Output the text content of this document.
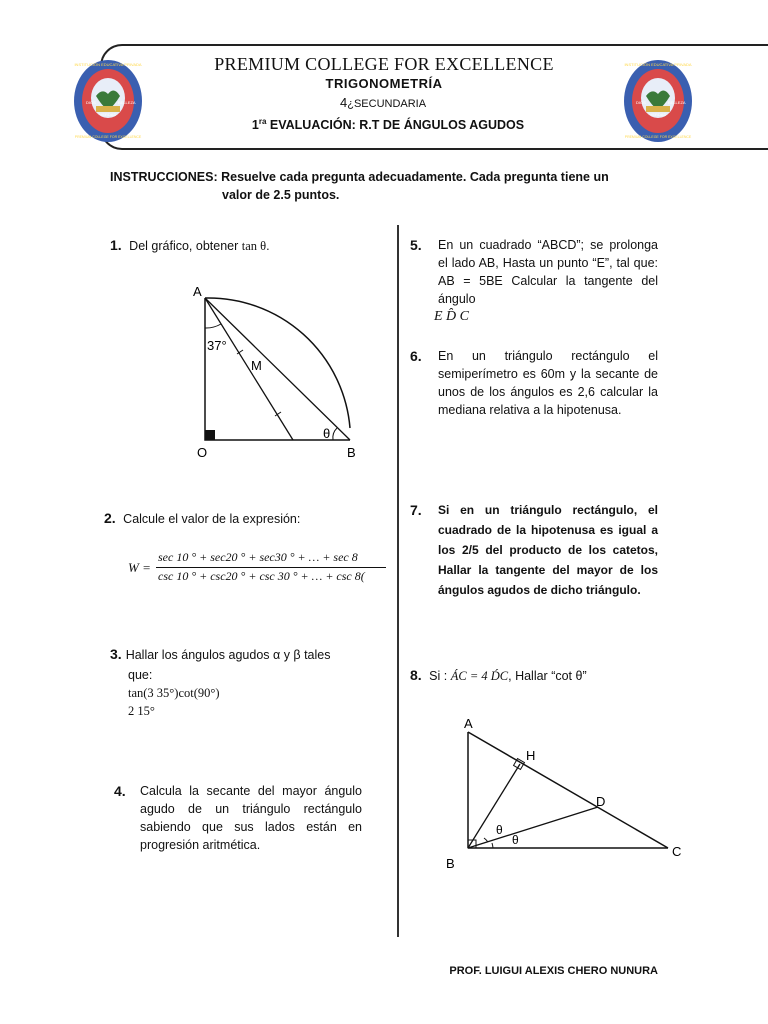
INSTITUCIÓN EDUCATIVA PRIVADA
DIOS	BELLEZA
VERDAD
PREMIUM COLLEGE FOR EXCELLENCE
INSTITUCIÓN EDUCATIVA PRIVADA
DIOS	BELLEZA
VERDAD
PREMIUM COLLEGE FOR EXCELLENCE
PREMIUM COLLEGE FOR EXCELLENCE
TRIGONOMETRÍA
4¿SECUNDARIA
$1^{ra}$ EVALUACIÓN: R.T DE ÁNGULOS AGUDOS
INSTRUCCIONES: Resuelve cada pregunta adecuadamente. Cada pregunta tiene un
valor de 2.5 puntos.
1. Del gráfico, obtener tan θ.
A
37°
M
O	B
θ
2. Calcule el valor de la expresión:
W =
sec 10 ° + sec20 ° + sec30 ° + … + sec 8
csc 10 ° + csc20 ° + csc 30 ° + … + csc 8(
3. Hallar los ángulos agudos α y β tales
que:
tan(3 35°)cot(90°)
2 15°
4.	Calcula la secante del mayor ángulo agudo de un triángulo rectángulo sabiendo que sus lados están en progresión aritmética.
5.	En un cuadrado “ABCD”; se prolonga el lado AB, Hasta un punto “E”, tal que: AB = 5BE Calcular la tangente del ángulo
E D̂ C
6.	En un triángulo rectángulo el semiperímetro es 60m y la secante de unos de los ángulos es 2,6 calcular la mediana relativa a la hipotenusa.
7.	Si en un triángulo rectángulo, el cuadrado de la hipotenusa es igual a los 2/5 del producto de los catetos, Hallar la tangente del mayor de los ángulos agudos de dicho triángulo.
8. Si : ÁC = 4 D́C, Hallar “cot θ”
A
H
D
B
C
θ
θ
PROF. LUIGUI ALEXIS CHERO NUNURA
